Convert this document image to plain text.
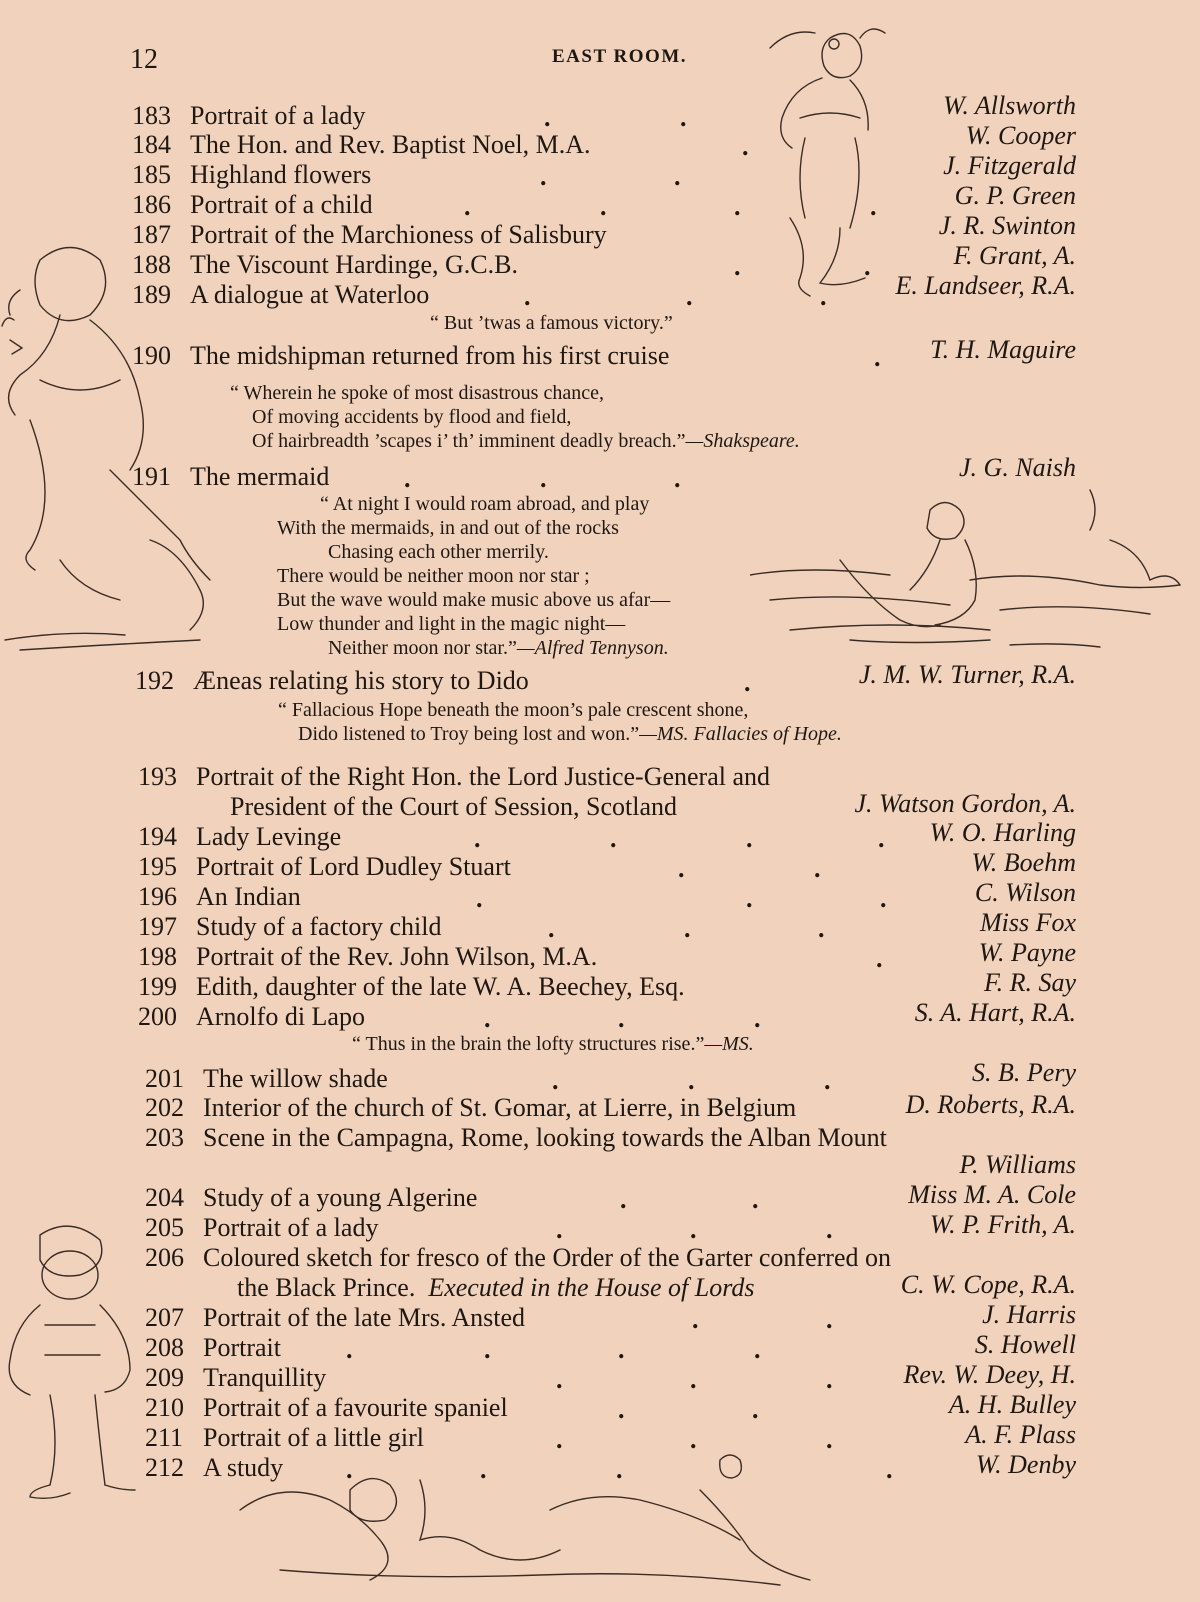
12	EAST ROOM.
183 Portrait of a lady	W. Allsworth
184 The Hon. and Rev. Baptist Noel, M.A.	W. Cooper
185 Highland flowers	J. Fitzgerald
186 Portrait of a child	G. P. Green
187 Portrait of the Marchioness of Salisbury	J. R. Swinton
188 The Viscount Hardinge, G.C.B.	F. Grant, A.
189 A dialogue at Waterloo	E. Landseer, R.A.
“ But ’twas a famous victory.”
190 The midshipman returned from his first cruise	T. H. Maguire
“ Wherein he spoke of most disastrous chance,
Of moving accidents by flood and field,
Of hairbreadth ’scapes i’ th’ imminent deadly breach.”—Shakspeare.
191 The mermaid	J. G. Naish
“ At night I would roam abroad, and play
With the mermaids, in and out of the rocks
Chasing each other merrily.
There would be neither moon nor star ;
But the wave would make music above us afar—
Low thunder and light in the magic night—
Neither moon nor star.”—Alfred Tennyson.
192 Æneas relating his story to Dido	J. M. W. Turner, R.A.
“ Fallacious Hope beneath the moon’s pale crescent shone,
Dido listened to Troy being lost and won.”—MS. Fallacies of Hope.
193 Portrait of the Right Hon. the Lord Justice-General and
President of the Court of Session, Scotland	J. Watson Gordon, A.
194 Lady Levinge	W. O. Harling
195 Portrait of Lord Dudley Stuart	W. Boehm
196 An Indian	C. Wilson
197 Study of a factory child	Miss Fox
198 Portrait of the Rev. John Wilson, M.A.	W. Payne
199 Edith, daughter of the late W. A. Beechey, Esq.	F. R. Say
200 Arnolfo di Lapo	S. A. Hart, R.A.
“ Thus in the brain the lofty structures rise.”—MS.
201 The willow shade	S. B. Pery
202 Interior of the church of St. Gomar, at Lierre, in Belgium	D. Roberts, R.A.
203 Scene in the Campagna, Rome, looking towards the Alban Mount
P. Williams
204 Study of a young Algerine	Miss M. A. Cole
205 Portrait of a lady	W. P. Frith, A.
206 Coloured sketch for fresco of the Order of the Garter conferred on
the Black Prince. Executed in the House of Lords	C. W. Cope, R.A.
207 Portrait of the late Mrs. Ansted	J. Harris
208 Portrait	S. Howell
209 Tranquillity	Rev. W. Deey, H.
210 Portrait of a favourite spaniel	A. H. Bulley
211 Portrait of a little girl	A. F. Plass
212 A study	W. Denby
.	.
.
.	.
.	.	.	.
.	.
.	.	.
.
.	.	.
.
.	.	.	.
.	.
.	.	.
.	.	.
.
.	.	.
.	.	.
.	.
.	.	.
.	.
.	.	.	.
.	.	.
.	.
.	.	.
.	.	.	.
